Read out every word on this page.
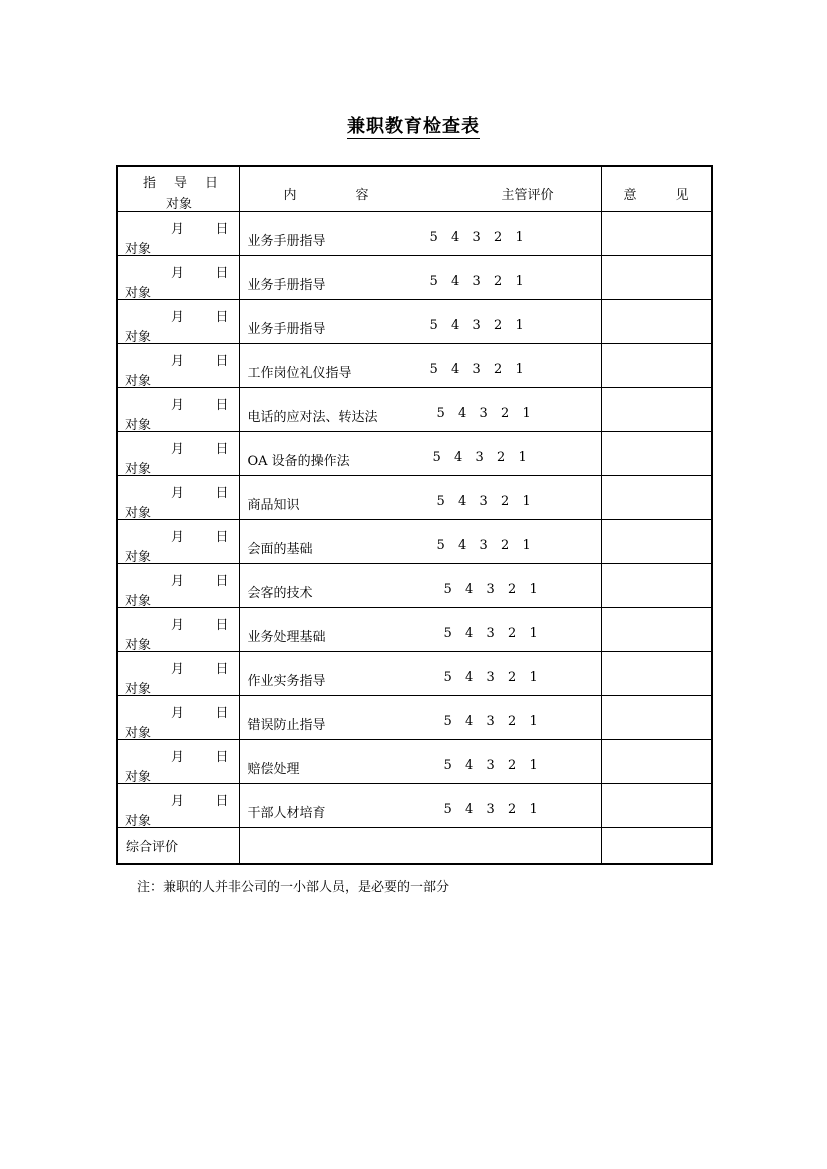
兼职教育检查表
指导日
对象	内 容 主管评价	意 见

月 日
对象	业务手册指导 5 4 3 2 1	

月 日
对象	业务手册指导 5 4 3 2 1	

月 日
对象	业务手册指导 5 4 3 2 1	

月 日
对象	工作岗位礼仪指导 5 4 3 2 1	

月 日
对象	电话的应对法、转达法 5 4 3 2 1	

月 日
对象	OA 设备的操作法 5 4 3 2 1	

月 日
对象	商品知识 5 4 3 2 1	

月 日
对象	会面的基础 5 4 3 2 1	

月 日
对象	会客的技术 5 4 3 2 1	

月 日
对象	业务处理基础 5 4 3 2 1	

月 日
对象	作业实务指导 5 4 3 2 1	

月 日
对象	错误防止指导 5 4 3 2 1	

月 日
对象	赔偿处理 5 4 3 2 1	

月 日
对象	干部人材培育 5 4 3 2 1	

综合评价		
注：兼职的人并非公司的一小部人员，是必要的一部分
